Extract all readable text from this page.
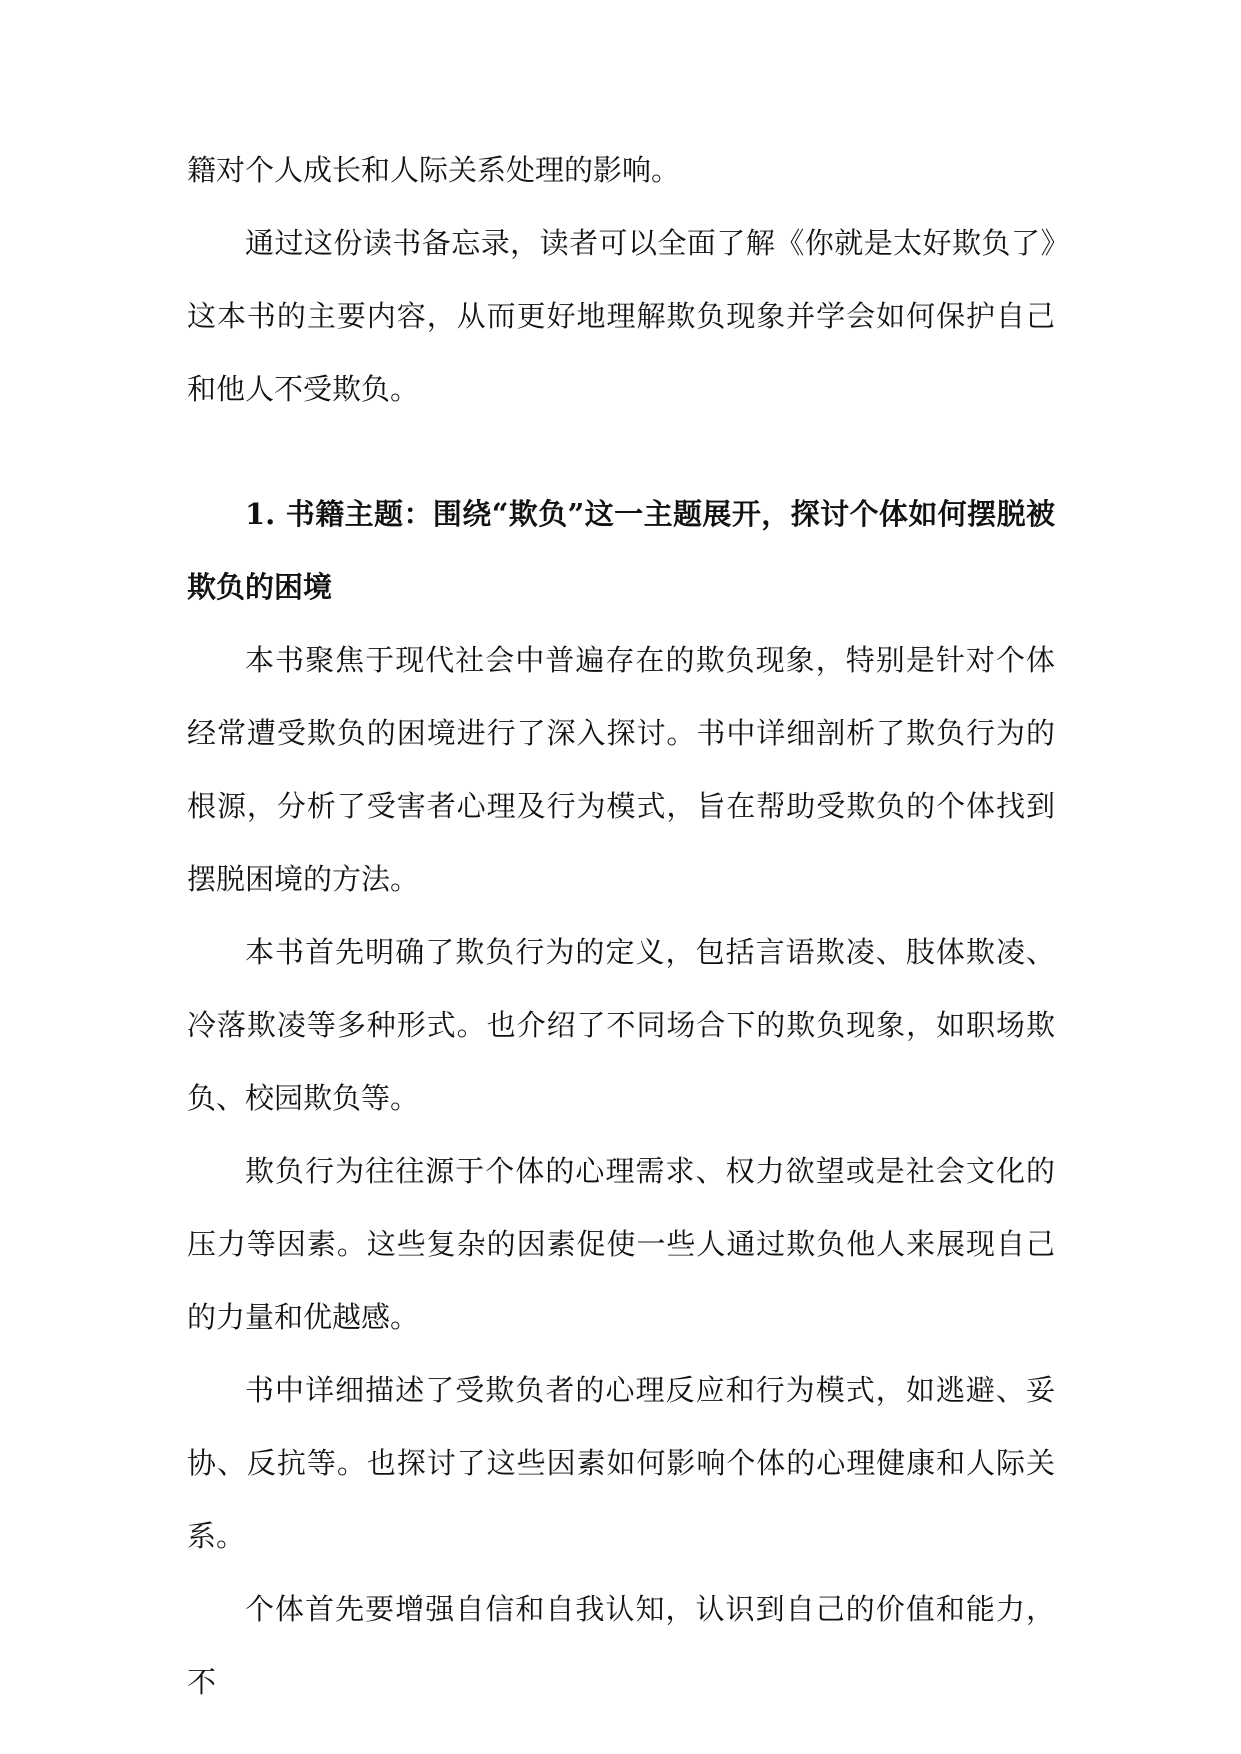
籍对个人成长和人际关系处理的影响。

通过这份读书备忘录，读者可以全面了解《你就是太好欺负了》这本书的主要内容，从而更好地理解欺负现象并学会如何保护自己和他人不受欺负。

1. 书籍主题：围绕“欺负”这一主题展开，探讨个体如何摆脱被欺负的困境

本书聚焦于现代社会中普遍存在的欺负现象，特别是针对个体经常遭受欺负的困境进行了深入探讨。书中详细剖析了欺负行为的根源，分析了受害者心理及行为模式，旨在帮助受欺负的个体找到摆脱困境的方法。

本书首先明确了欺负行为的定义，包括言语欺凌、肢体欺凌、冷落欺凌等多种形式。也介绍了不同场合下的欺负现象，如职场欺负、校园欺负等。

欺负行为往往源于个体的心理需求、权力欲望或是社会文化的压力等因素。这些复杂的因素促使一些人通过欺负他人来展现自己的力量和优越感。

书中详细描述了受欺负者的心理反应和行为模式，如逃避、妥协、反抗等。也探讨了这些因素如何影响个体的心理健康和人际关系。

个体首先要增强自信和自我认知，认识到自己的价值和能力，不
